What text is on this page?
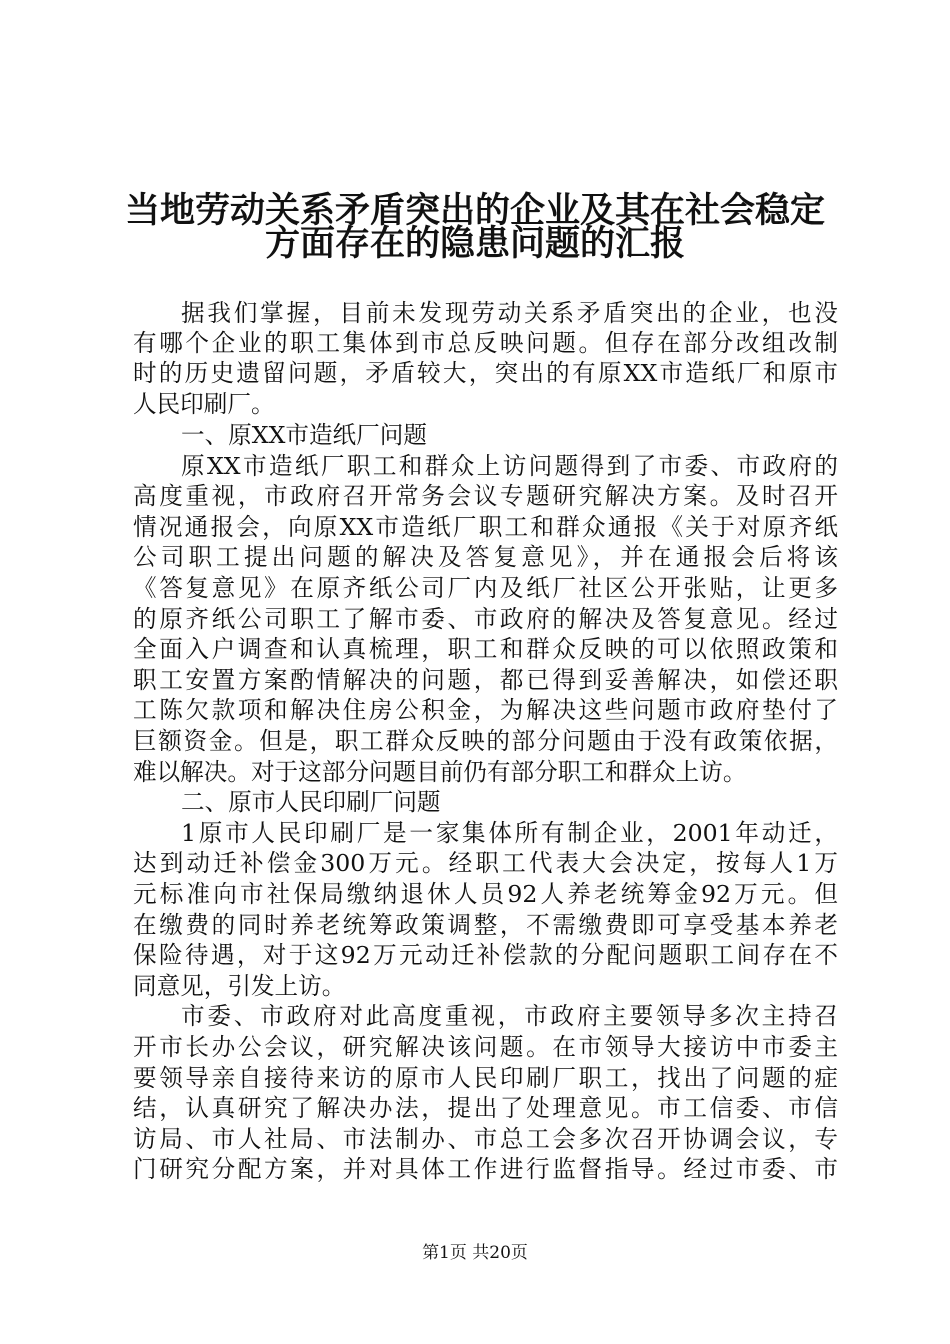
当地劳动关系矛盾突出的企业及其在社会稳定
方面存在的隐患问题的汇报
据我们掌握，目前未发现劳动关系矛盾突出的企业，也没
有哪个企业的职工集体到市总反映问题。但存在部分改组改制
时的历史遗留问题，矛盾较大，突出的有原XX市造纸厂和原市
人民印刷厂。
一、原XX市造纸厂问题
原XX市造纸厂职工和群众上访问题得到了市委、市政府的
高度重视，市政府召开常务会议专题研究解决方案。及时召开
情况通报会，向原XX市造纸厂职工和群众通报《关于对原齐纸
公司职工提出问题的解决及答复意见》，并在通报会后将该
《答复意见》在原齐纸公司厂内及纸厂社区公开张贴，让更多
的原齐纸公司职工了解市委、市政府的解决及答复意见。经过
全面入户调查和认真梳理，职工和群众反映的可以依照政策和
职工安置方案酌情解决的问题，都已得到妥善解决，如偿还职
工陈欠款项和解决住房公积金，为解决这些问题市政府垫付了
巨额资金。但是，职工群众反映的部分问题由于没有政策依据，
难以解决。对于这部分问题目前仍有部分职工和群众上访。
二、原市人民印刷厂问题
1原市人民印刷厂是一家集体所有制企业，2001年动迁，
达到动迁补偿金300万元。经职工代表大会决定，按每人1万
元标准向市社保局缴纳退休人员92人养老统筹金92万元。但
在缴费的同时养老统筹政策调整，不需缴费即可享受基本养老
保险待遇，对于这92万元动迁补偿款的分配问题职工间存在不
同意见，引发上访。
市委、市政府对此高度重视，市政府主要领导多次主持召
开市长办公会议，研究解决该问题。在市领导大接访中市委主
要领导亲自接待来访的原市人民印刷厂职工，找出了问题的症
结，认真研究了解决办法，提出了处理意见。市工信委、市信
访局、市人社局、市法制办、市总工会多次召开协调会议，专
门研究分配方案，并对具体工作进行监督指导。经过市委、市
第1页 共20页
